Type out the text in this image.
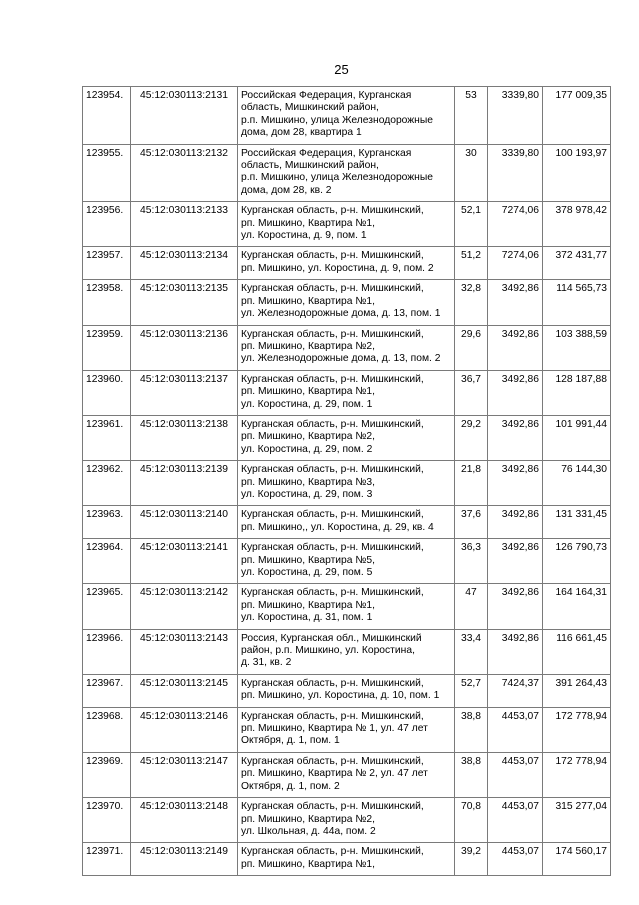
25
123954.	45:12:030113:2131	Российская Федерация, Курганская
область, Мишкинский район,
р.п. Мишкино, улица Железнодорожные
дома, дом 28, квартира 1	53	3339,80	177 009,35
123955.	45:12:030113:2132	Российская Федерация, Курганская
область, Мишкинский район,
р.п. Мишкино, улица Железнодорожные
дома, дом 28, кв. 2	30	3339,80	100 193,97
123956.	45:12:030113:2133	Курганская область, р-н. Мишкинский,
рп. Мишкино, Квартира №1,
ул. Коростина, д. 9, пом. 1	52,1	7274,06	378 978,42
123957.	45:12:030113:2134	Курганская область, р-н. Мишкинский,
рп. Мишкино, ул. Коростина, д. 9, пом. 2	51,2	7274,06	372 431,77
123958.	45:12:030113:2135	Курганская область, р-н. Мишкинский,
рп. Мишкино, Квартира №1,
ул. Железнодорожные дома, д. 13, пом. 1	32,8	3492,86	114 565,73
123959.	45:12:030113:2136	Курганская область, р-н. Мишкинский,
рп. Мишкино, Квартира №2,
ул. Железнодорожные дома, д. 13, пом. 2	29,6	3492,86	103 388,59
123960.	45:12:030113:2137	Курганская область, р-н. Мишкинский,
рп. Мишкино, Квартира №1,
ул. Коростина, д. 29, пом. 1	36,7	3492,86	128 187,88
123961.	45:12:030113:2138	Курганская область, р-н. Мишкинский,
рп. Мишкино, Квартира №2,
ул. Коростина, д. 29, пом. 2	29,2	3492,86	101 991,44
123962.	45:12:030113:2139	Курганская область, р-н. Мишкинский,
рп. Мишкино, Квартира №3,
ул. Коростина, д. 29, пом. 3	21,8	3492,86	76 144,30
123963.	45:12:030113:2140	Курганская область, р-н. Мишкинский,
рп. Мишкино,, ул. Коростина, д. 29, кв. 4	37,6	3492,86	131 331,45
123964.	45:12:030113:2141	Курганская область, р-н. Мишкинский,
рп. Мишкино, Квартира №5,
ул. Коростина, д. 29, пом. 5	36,3	3492,86	126 790,73
123965.	45:12:030113:2142	Курганская область, р-н. Мишкинский,
рп. Мишкино, Квартира №1,
ул. Коростина, д. 31, пом. 1	47	3492,86	164 164,31
123966.	45:12:030113:2143	Россия, Курганская обл., Мишкинский
район, р.п. Мишкино, ул. Коростина,
д. 31, кв. 2	33,4	3492,86	116 661,45
123967.	45:12:030113:2145	Курганская область, р-н. Мишкинский,
рп. Мишкино, ул. Коростина, д. 10, пом. 1	52,7	7424,37	391 264,43
123968.	45:12:030113:2146	Курганская область, р-н. Мишкинский,
рп. Мишкино, Квартира № 1, ул. 47 лет
Октября, д. 1, пом. 1	38,8	4453,07	172 778,94
123969.	45:12:030113:2147	Курганская область, р-н. Мишкинский,
рп. Мишкино, Квартира № 2, ул. 47 лет
Октября, д. 1, пом. 2	38,8	4453,07	172 778,94
123970.	45:12:030113:2148	Курганская область, р-н. Мишкинский,
рп. Мишкино, Квартира №2,
ул. Школьная, д. 44а, пом. 2	70,8	4453,07	315 277,04
123971.	45:12:030113:2149	Курганская область, р-н. Мишкинский,
рп. Мишкино, Квартира №1,	39,2	4453,07	174 560,17
